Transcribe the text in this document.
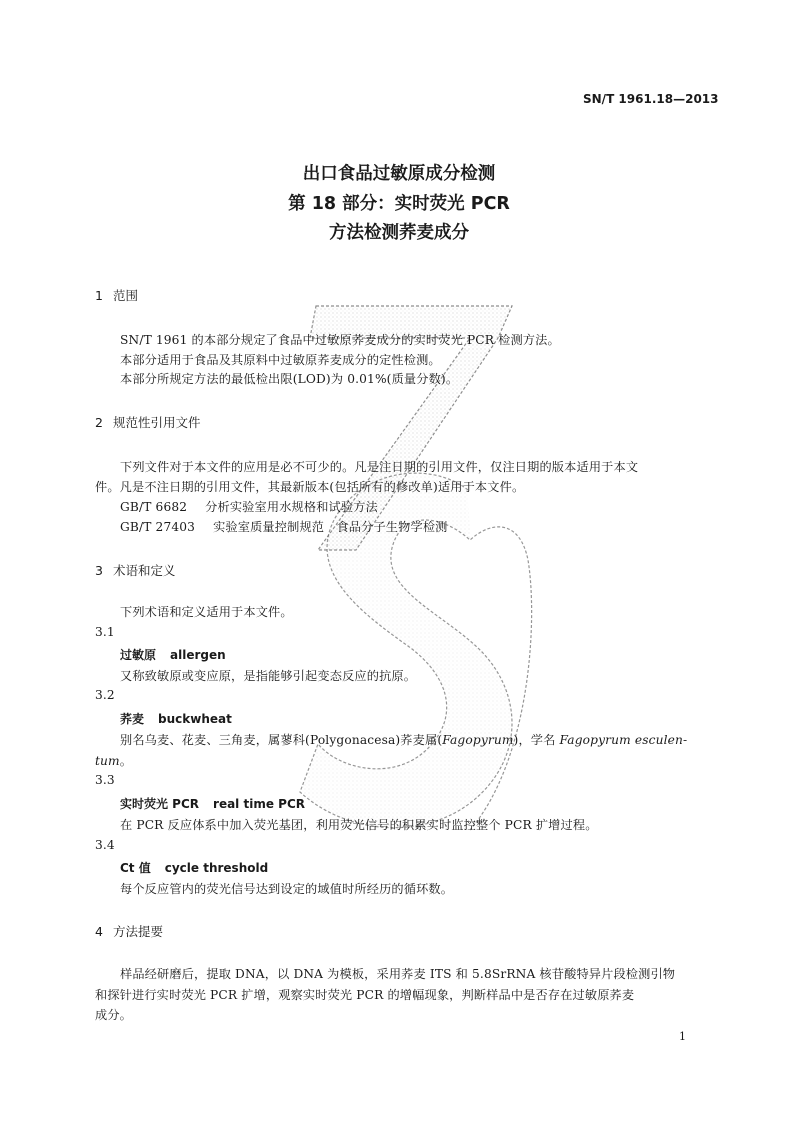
SN/T 1961.18—2013
出口食品过敏原成分检测
第 18 部分：实时荧光 PCR
方法检测荞麦成分
1 范围
SN/T 1961 的本部分规定了食品中过敏原荞麦成分的实时荧光 PCR 检测方法。
本部分适用于食品及其原料中过敏原荞麦成分的定性检测。
本部分所规定方法的最低检出限(LOD)为 0.01%(质量分数)。
2 规范性引用文件
下列文件对于本文件的应用是必不可少的。凡是注日期的引用文件，仅注日期的版本适用于本文
件。凡是不注日期的引用文件，其最新版本(包括所有的修改单)适用于本文件。
GB/T 6682 分析实验室用水规格和试验方法
GB/T 27403 实验室质量控制规范　食品分子生物学检测
3 术语和定义
下列术语和定义适用于本文件。
3.1
过敏原 allergen
又称致敏原或变应原，是指能够引起变态反应的抗原。
3.2
荞麦 buckwheat
别名乌麦、花麦、三角麦，属蓼科(Polygonacesa)荞麦属(Fagopyrum)，学名 Fagopyrum esculen-
tum。
3.3
实时荧光 PCR real time PCR
在 PCR 反应体系中加入荧光基团，利用荧光信号的积累实时监控整个 PCR 扩增过程。
3.4
Ct 值 cycle threshold
每个反应管内的荧光信号达到设定的域值时所经历的循环数。
4 方法提要
样品经研磨后，提取 DNA，以 DNA 为模板，采用荞麦 ITS 和 5.8SrRNA 核苷酸特异片段检测引物
和探针进行实时荧光 PCR 扩增，观察实时荧光 PCR 的增幅现象，判断样品中是否存在过敏原荞麦
成分。
1
